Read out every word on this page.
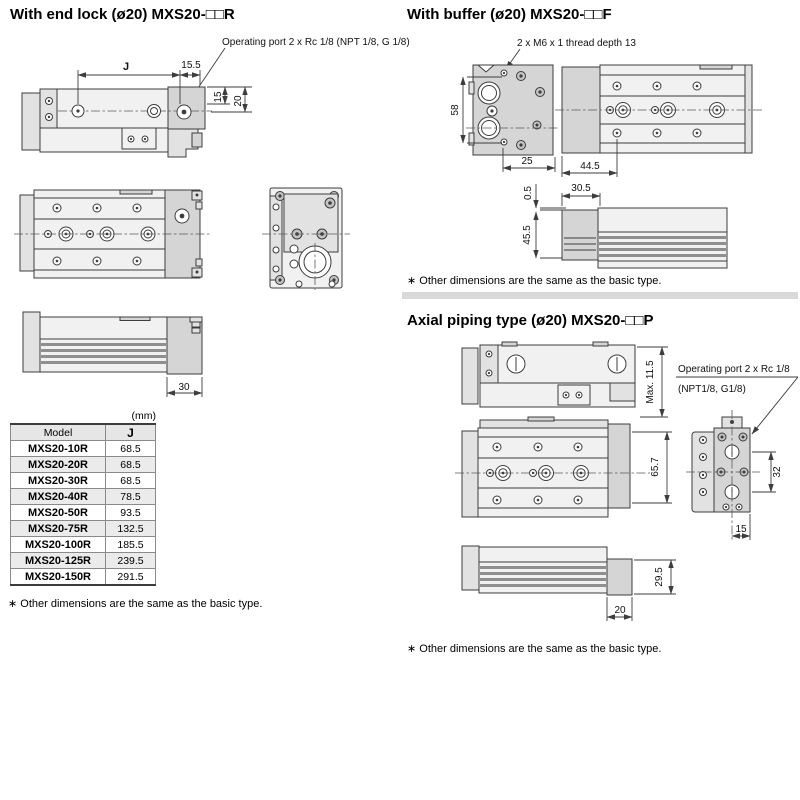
With end lock (ø20) MXS20-□□R
Operating port 2 x Rc 1/8 (NPT 1/8, G 1/8)
J	15.5
15 20
30
(mm)
Model	J
MXS20-10R	68.5
MXS20-20R	68.5
MXS20-30R	68.5
MXS20-40R	78.5
MXS20-50R	93.5
MXS20-75R	132.5
MXS20-100R	185.5
MXS20-125R	239.5
MXS20-150R	291.5
∗ Other dimensions are the same as the basic type.
With buffer (ø20) MXS20-□□F
2 x M6 x 1 thread depth 13
58
25	44.5
0.5	30.5
45.5
∗ Other dimensions are the same as the basic type.
Axial piping type (ø20) MXS20-□□P
Max. 11.5 Operating port 2 x Rc 1/8
(NPT1/8, G1/8)
65.7	32
15
29.5
20
∗ Other dimensions are the same as the basic type.
